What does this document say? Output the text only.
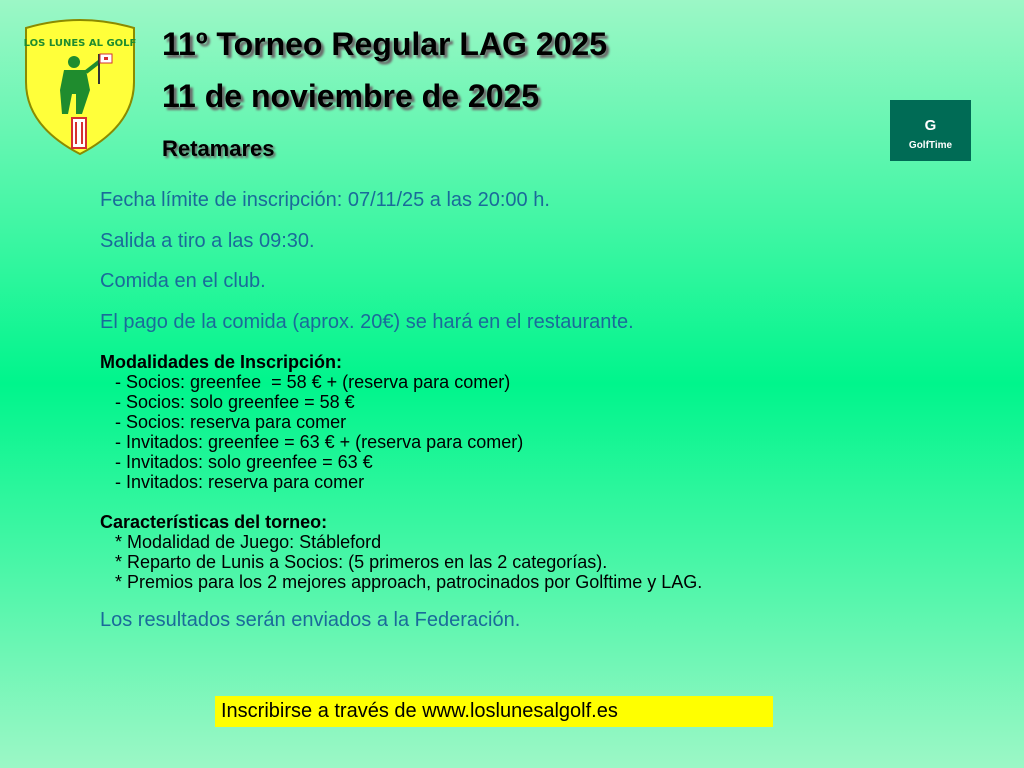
LOS LUNES AL GOLF 11º Torneo Regular LAG 2025
11 de noviembre de 2025
Retamares
G
GolfTime
Fecha límite de inscripción: 07/11/25 a las 20:00 h.
Salida a tiro a las 09:30.
Comida en el club.
El pago de la comida (aprox. 20€) se hará en el restaurante.
Modalidades de Inscripción:
- Socios: greenfee  = 58 € + (reserva para comer)
- Socios: solo greenfee = 58 €
- Socios: reserva para comer
- Invitados: greenfee = 63 € + (reserva para comer)
- Invitados: solo greenfee = 63 €
- Invitados: reserva para comer
Características del torneo:
* Modalidad de Juego: Stábleford
* Reparto de Lunis a Socios: (5 primeros en las 2 categorías).
* Premios para los 2 mejores approach, patrocinados por Golftime y LAG.
Los resultados serán enviados a la Federación.
Inscribirse a través de www.loslunesalgolf.es
